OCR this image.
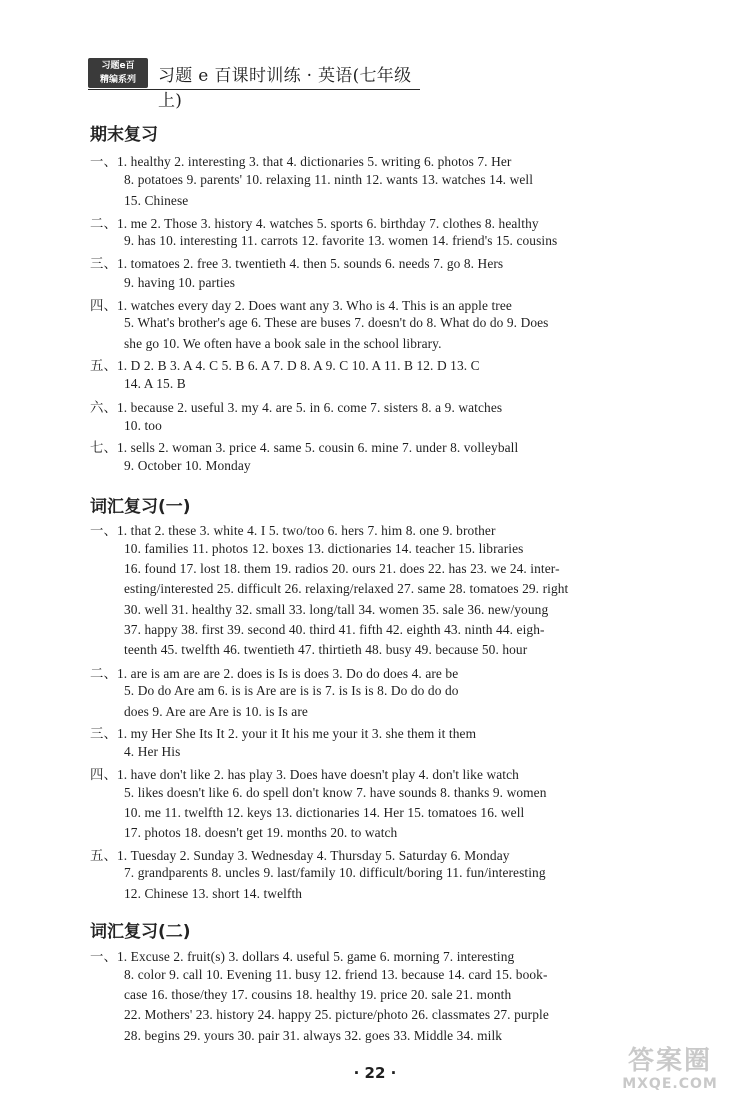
习题e百
精编系列	习题 e 百课时训练 · 英语(七年级上)
期末复习
一、1. healthy 2. interesting 3. that 4. dictionaries 5. writing 6. photos 7. Her
8. potatoes 9. parents' 10. relaxing 11. ninth 12. wants 13. watches 14. well
15. Chinese
二、1. me 2. Those 3. history 4. watches 5. sports 6. birthday 7. clothes 8. healthy
9. has 10. interesting 11. carrots 12. favorite 13. women 14. friend's 15. cousins
三、1. tomatoes 2. free 3. twentieth 4. then 5. sounds 6. needs 7. go 8. Hers
9. having 10. parties
四、1. watches every day 2. Does want any 3. Who is 4. This is an apple tree
5. What's brother's age 6. These are buses 7. doesn't do 8. What do do 9. Does
she go 10. We often have a book sale in the school library.
五、1. D 2. B 3. A 4. C 5. B 6. A 7. D 8. A 9. C 10. A 11. B 12. D 13. C
14. A 15. B
六、1. because 2. useful 3. my 4. are 5. in 6. come 7. sisters 8. a 9. watches
10. too
七、1. sells 2. woman 3. price 4. same 5. cousin 6. mine 7. under 8. volleyball
9. October 10. Monday
词汇复习(一)
一、1. that 2. these 3. white 4. I 5. two/too 6. hers 7. him 8. one 9. brother
10. families 11. photos 12. boxes 13. dictionaries 14. teacher 15. libraries
16. found 17. lost 18. them 19. radios 20. ours 21. does 22. has 23. we 24. inter-
esting/interested 25. difficult 26. relaxing/relaxed 27. same 28. tomatoes 29. right
30. well 31. healthy 32. small 33. long/tall 34. women 35. sale 36. new/young
37. happy 38. first 39. second 40. third 41. fifth 42. eighth 43. ninth 44. eigh-
teenth 45. twelfth 46. twentieth 47. thirtieth 48. busy 49. because 50. hour
二、1. are is am are are 2. does is Is is does 3. Do do does 4. are be
5. Do do Are am 6. is is Are are is is 7. is Is is 8. Do do do do
does 9. Are are Are is 10. is Is are
三、1. my Her She Its It 2. your it It his me your it 3. she them it them
4. Her His
四、1. have don't like 2. has play 3. Does have doesn't play 4. don't like watch
5. likes doesn't like 6. do spell don't know 7. have sounds 8. thanks 9. women
10. me 11. twelfth 12. keys 13. dictionaries 14. Her 15. tomatoes 16. well
17. photos 18. doesn't get 19. months 20. to watch
五、1. Tuesday 2. Sunday 3. Wednesday 4. Thursday 5. Saturday 6. Monday
7. grandparents 8. uncles 9. last/family 10. difficult/boring 11. fun/interesting
12. Chinese 13. short 14. twelfth
词汇复习(二)
一、1. Excuse 2. fruit(s) 3. dollars 4. useful 5. game 6. morning 7. interesting
8. color 9. call 10. Evening 11. busy 12. friend 13. because 14. card 15. book-
case 16. those/they 17. cousins 18. healthy 19. price 20. sale 21. month
22. Mothers' 23. history 24. happy 25. picture/photo 26. classmates 27. purple
28. begins 29. yours 30. pair 31. always 32. goes 33. Middle 34. milk
· 22 ·	答案圈
MXQE.COM
